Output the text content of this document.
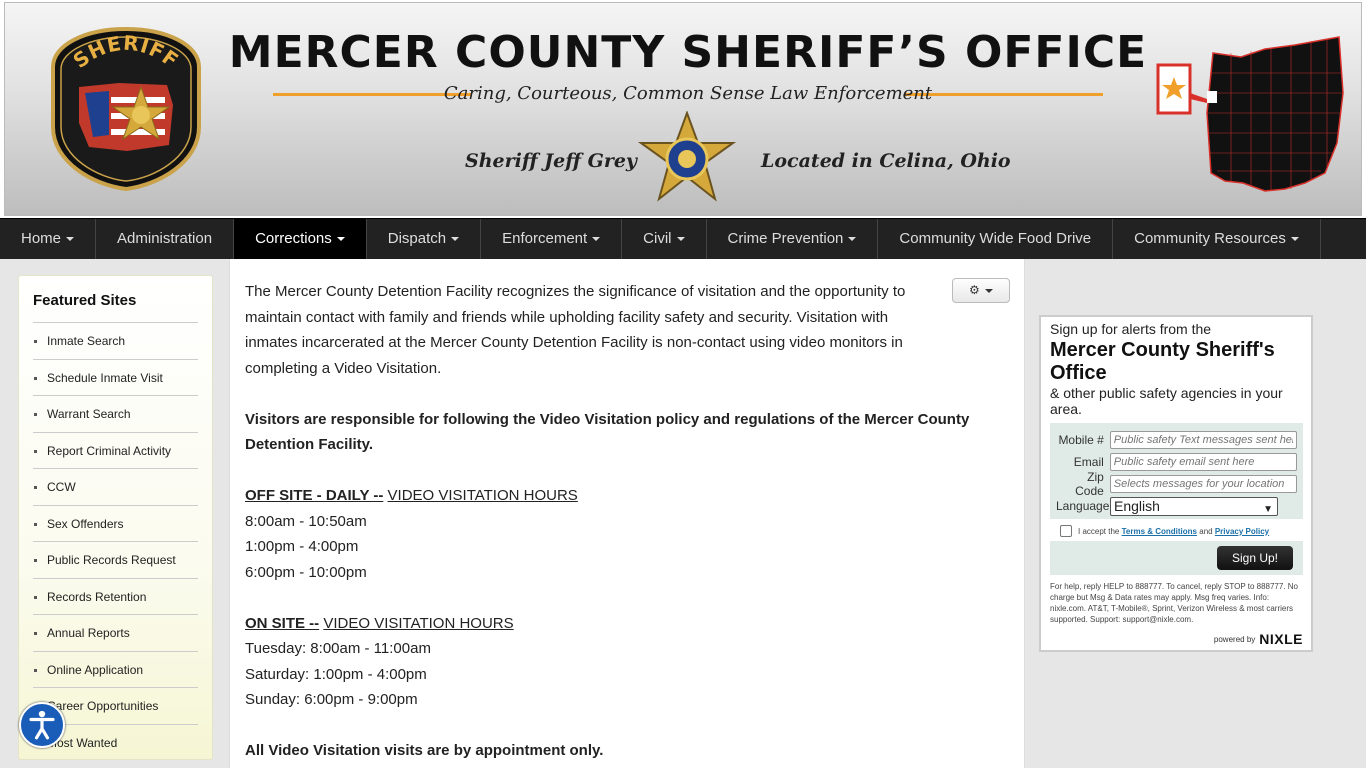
SHERIFF	MERCER COUNTY SHERIFF’S OFFICE
Caring, Courteous, Common Sense Law Enforcement
Sheriff Jeff Grey	Located in Celina, Ohio
Home	Administration	Corrections	Dispatch	Enforcement	Civil	Crime Prevention	Community Wide Food Drive	Community Resources
Featured Sites
Inmate Search
Schedule Inmate Visit
Warrant Search
Report Criminal Activity
CCW
Sex Offenders
Public Records Request
Records Retention
Annual Reports
Online Application
Career Opportunities
Most Wanted
⚙

The Mercer County Detention Facility recognizes the significance of visitation and the opportunity to maintain contact with family and friends while upholding facility safety and security. Visitation with inmates incarcerated at the Mercer County Detention Facility is non-contact using video monitors in completing a Video Visitation.

Visitors are responsible for following the Video Visitation policy and regulations of the Mercer County Detention Facility.

OFF SITE - DAILY -- VIDEO VISITATION HOURS

8:00am - 10:50am

1:00pm - 4:00pm

6:00pm - 10:00pm

ON SITE -- VIDEO VISITATION HOURS

Tuesday: 8:00am - 11:00am

Saturday: 1:00pm - 4:00pm

Sunday: 6:00pm - 9:00pm

All Video Visitation visits are by appointment only.

Sign up for alerts from the
Mercer County Sheriff's Office
& other public safety agencies in your area.
Mobile #
Public safety Text messages sent here
Email
Public safety email sent here
Zip Code
Selects messages for your location
Language English	▼
I accept the
Terms & Conditions
and
Privacy Policy
Sign Up!
For help, reply HELP to 888777. To cancel, reply STOP to 888777. No charge but Msg & Data rates may apply. Msg freq varies. Info: nixle.com. AT&T, T-Mobile®, Sprint, Verizon Wireless & most carriers supported. Support: support@nixle.com.
powered by NIXLE
